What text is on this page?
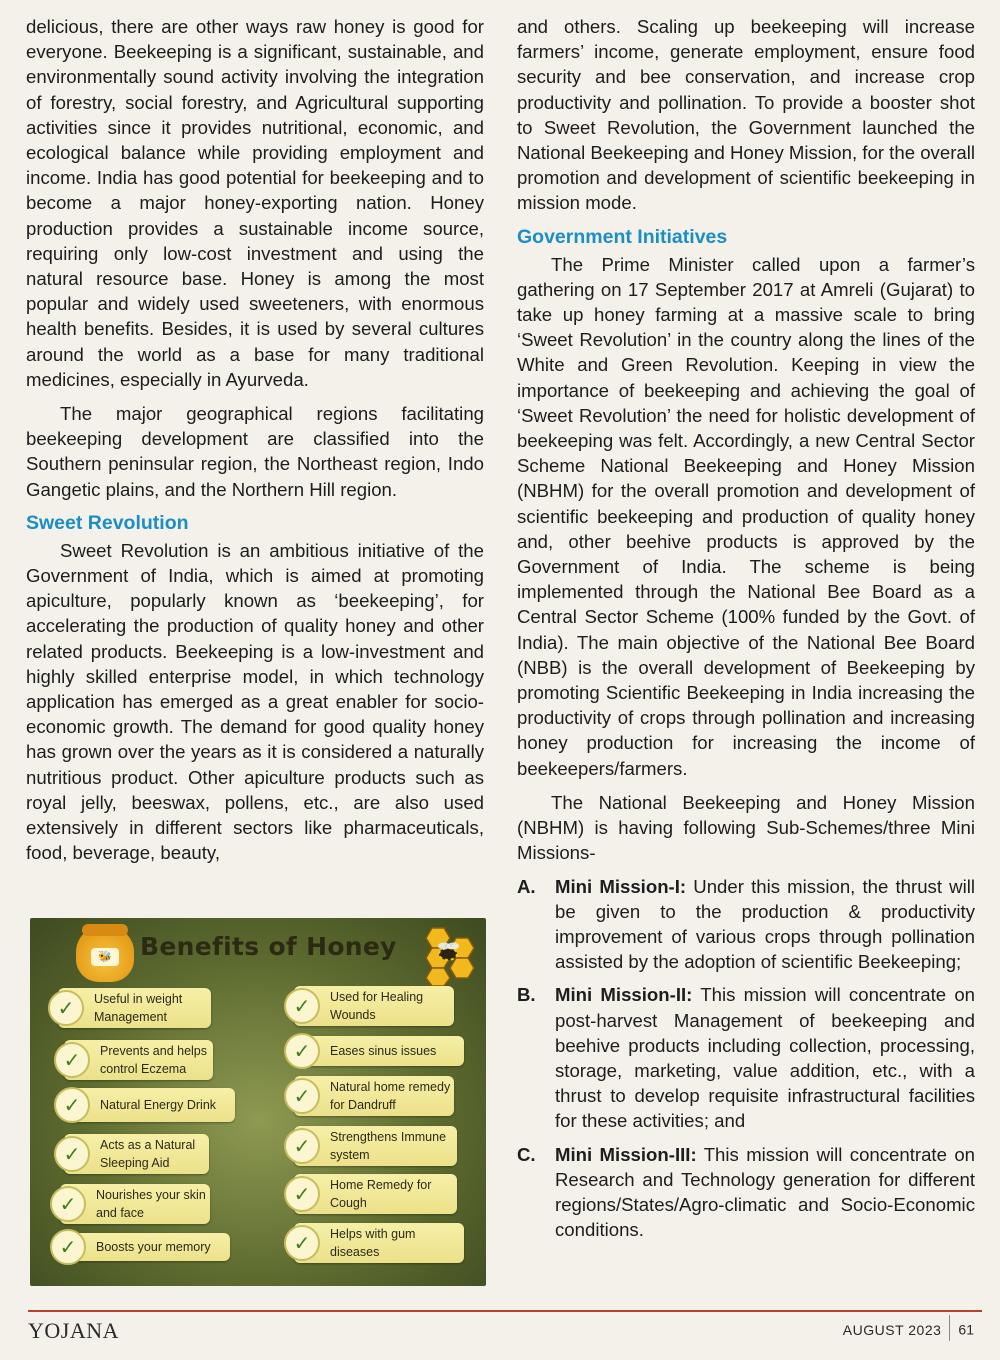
delicious, there are other ways raw honey is good for everyone. Beekeeping is a significant, sustainable, and environmentally sound activity involving the integration of forestry, social forestry, and Agricultural supporting activities since it provides nutritional, economic, and ecological balance while providing employment and income. India has good potential for beekeeping and to become a major honey-exporting nation. Honey production provides a sustainable income source, requiring only low-cost investment and using the natural resource base. Honey is among the most popular and widely used sweeteners, with enormous health benefits. Besides, it is used by several cultures around the world as a base for many traditional medicines, especially in Ayurveda.

The major geographical regions facilitating beekeeping development are classified into the Southern peninsular region, the Northeast region, Indo Gangetic plains, and the Northern Hill region.

Sweet Revolution

Sweet Revolution is an ambitious initiative of the Government of India, which is aimed at promoting apiculture, popularly known as ‘beekeeping’, for accelerating the production of quality honey and other related products. Beekeeping is a low-investment and highly skilled enterprise model, in which technology application has emerged as a great enabler for socio-economic growth. The demand for good quality honey has grown over the years as it is considered a naturally nutritious product. Other apiculture products such as royal jelly, beeswax, pollens, etc., are also used extensively in different sectors like pharmaceuticals, food, beverage, beauty,

🐝 Benefits of Honey
✓	Useful in weight Management
✓	Prevents and helps control Eczema
✓	Natural Energy Drink
✓	Acts as a Natural Sleeping Aid
✓	Nourishes your skin and face
✓	Boosts your memory
✓	Used for Healing Wounds
✓	Eases sinus issues
✓	Natural home remedy for Dandruff
✓	Strengthens Immune system
✓	Home Remedy for Cough
✓	Helps with gum diseases

and others. Scaling up beekeeping will increase farmers’ income, generate employment, ensure food security and bee conservation, and increase crop productivity and pollination. To provide a booster shot to Sweet Revolution, the Government launched the National Beekeeping and Honey Mission, for the overall promotion and development of scientific beekeeping in mission mode.

Government Initiatives

The Prime Minister called upon a farmer’s gathering on 17 September 2017 at Amreli (Gujarat) to take up honey farming at a massive scale to bring ‘Sweet Revolution’ in the country along the lines of the White and Green Revolution. Keeping in view the importance of beekeeping and achieving the goal of ‘Sweet Revolution’ the need for holistic development of beekeeping was felt. Accordingly, a new Central Sector Scheme National Beekeeping and Honey Mission (NBHM) for the overall promotion and development of scientific beekeeping and production of quality honey and, other beehive products is approved by the Government of India. The scheme is being implemented through the National Bee Board as a Central Sector Scheme (100% funded by the Govt. of India). The main objective of the National Bee Board (NBB) is the overall development of Beekeeping by promoting Scientific Beekeeping in India increasing the productivity of crops through pollination and increasing honey production for increasing the income of beekeepers/farmers.

The National Beekeeping and Honey Mission (NBHM) is having following Sub-Schemes/three Mini Missions-

A. Mini Mission-I: Under this mission, the thrust will be given to the production & productivity improvement of various crops through pollination assisted by the adoption of scientific Beekeeping;
B. Mini Mission-II: This mission will concentrate on post-harvest Management of beekeeping and beehive products including collection, processing, storage, marketing, value addition, etc., with a thrust to develop requisite infrastructural facilities for these activities; and
C. Mini Mission-III: This mission will concentrate on Research and Technology generation for different regions/States/Agro-climatic and Socio-Economic conditions.
YOJANA	AUGUST 2023 61
